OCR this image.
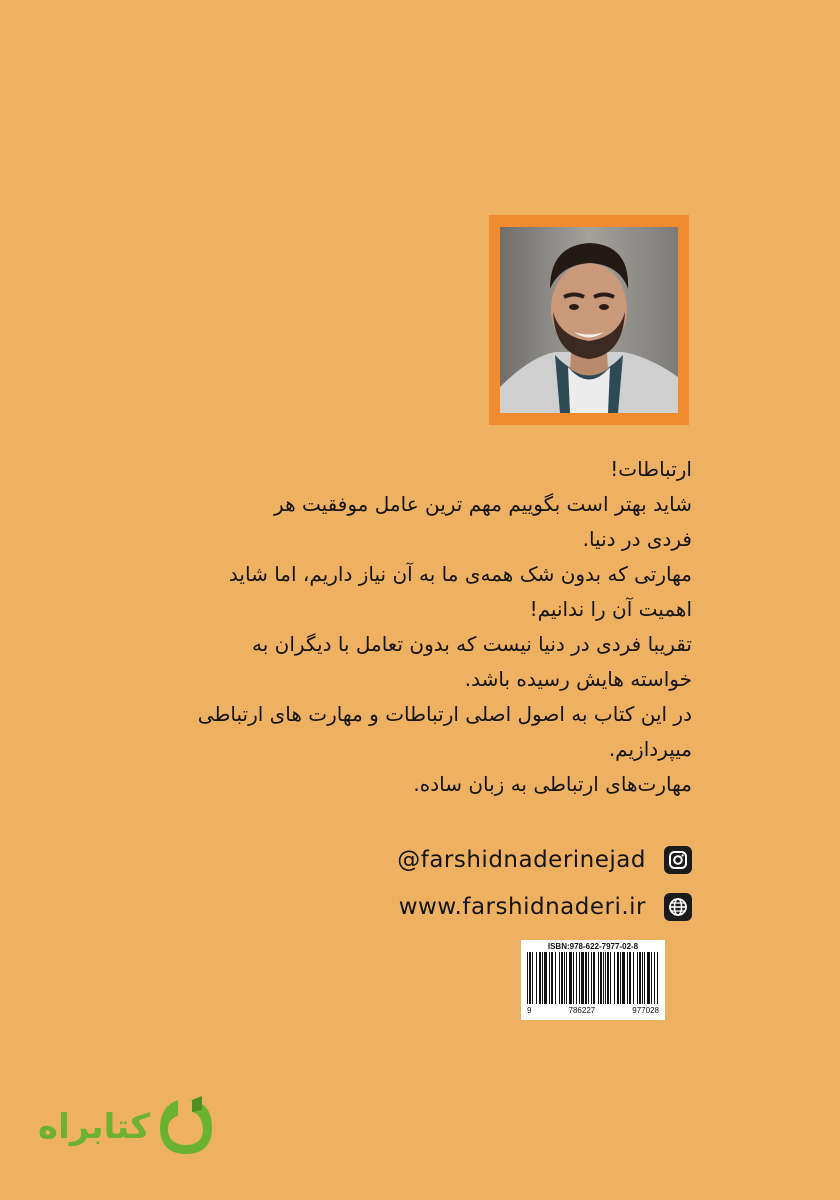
ارتباطات!

شاید بهتر است بگوییم مهم ترین عامل موفقیت هر

فردی در دنیا.

مهارتی که بدون شک همه‌ی ما به آن نیاز داریم، اما شاید

اهمیت آن را ندانیم!

تقریبا فردی در دنیا نیست که بدون تعامل با دیگران به

خواسته هایش رسیده باشد.

در این کتاب به اصول اصلی ارتباطات و مهارت های ارتباطی

میپردازیم.

مهارت‌های ارتباطی به زبان ساده.

@farshidnaderinejad
www.farshidnaderi.ir
ISBN:978-622-7977-02-8
9	786227	977028
کتابراه
